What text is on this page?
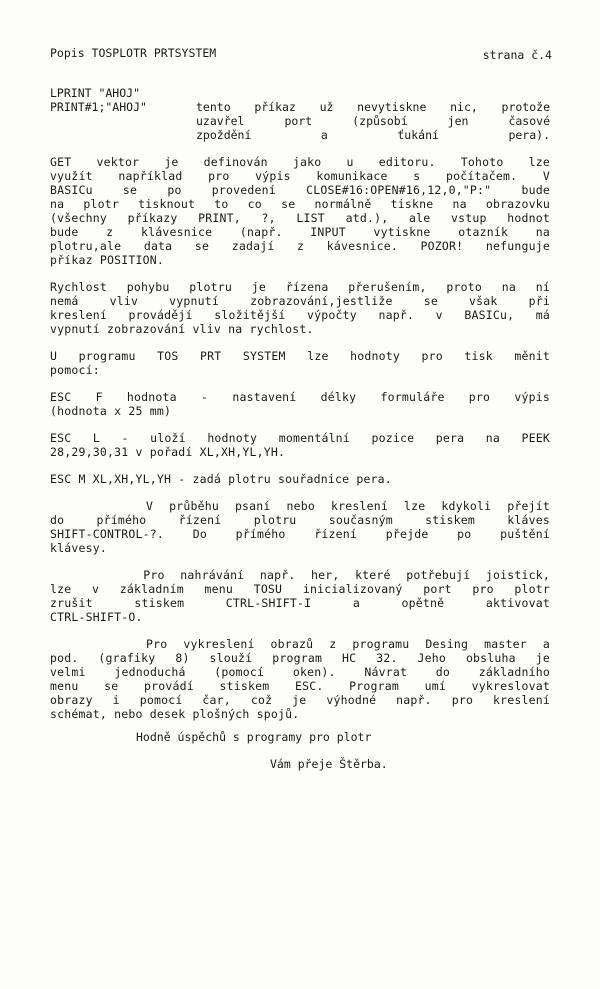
Popis TOSPLOTR PRTSYSTEM	strana č.4
LPRINT "AHOJ"
PRINT#1;"AHOJ"	tento příkaz už nevytiskne nic, protože
uzavřel port (způsobí jen časové
zpoždění a ťukání pera).
GET vektor je definován jako u editoru. Tohoto lze
využít například pro výpis komunikace s počítačem. V
BASICu se po provedení CLOSE#16:OPEN#16,12,0,"P:" bude
na plotr tisknout to co se normálně tiskne na obrazovku
(všechny příkazy PRINT, ?, LIST atd.), ale vstup hodnot
bude z klávesnice (např. INPUT vytiskne otazník na
plotru,ale data se zadají z kávesnice. POZOR! nefunguje
příkaz POSITION.
Rychlost pohybu plotru je řízena přerušením, proto na ní
nemá vliv vypnutí zobrazování,jestliže se však při
kreslení provádějí složitější výpočty např. v BASICu, má
vypnutí zobrazování vliv na rychlost.
U programu TOS PRT SYSTEM lze hodnoty pro tisk měnit
pomocí:
ESC F hodnota - nastavení délky formuláře pro výpis
(hodnota x 25 mm)
ESC L - uloží hodnoty momentální pozice pera na PEEK
28,29,30,31 v pořadí XL,XH,YL,YH.
ESC M XL,XH,YL,YH - zadá plotru souřadnice pera.
V průběhu psaní nebo kreslení lze kdykoli přejít
do přímého řízení plotru současným stiskem kláves
SHIFT-CONTROL-?. Do přímého řízení přejde po puštění
klávesy.
Pro nahrávání např. her, které potřebují joistick,
lze v základním menu TOSU inicializovaný port pro plotr
zrušit stiskem CTRL-SHIFT-I a opětně aktivovat
CTRL-SHIFT-O.
Pro vykreslení obrazů z programu Desing master a
pod. (grafiky 8) slouží program HC 32. Jeho obsluha je
velmi jednoduchá (pomocí oken). Návrat do základního
menu se provádí stiskem ESC. Program umí vykreslovat
obrazy i pomocí čar, což je výhodné např. pro kreslení
schémat, nebo desek plošných spojů.
Hodně úspěchů s programy pro plotr
Vám přeje Štěrba.
